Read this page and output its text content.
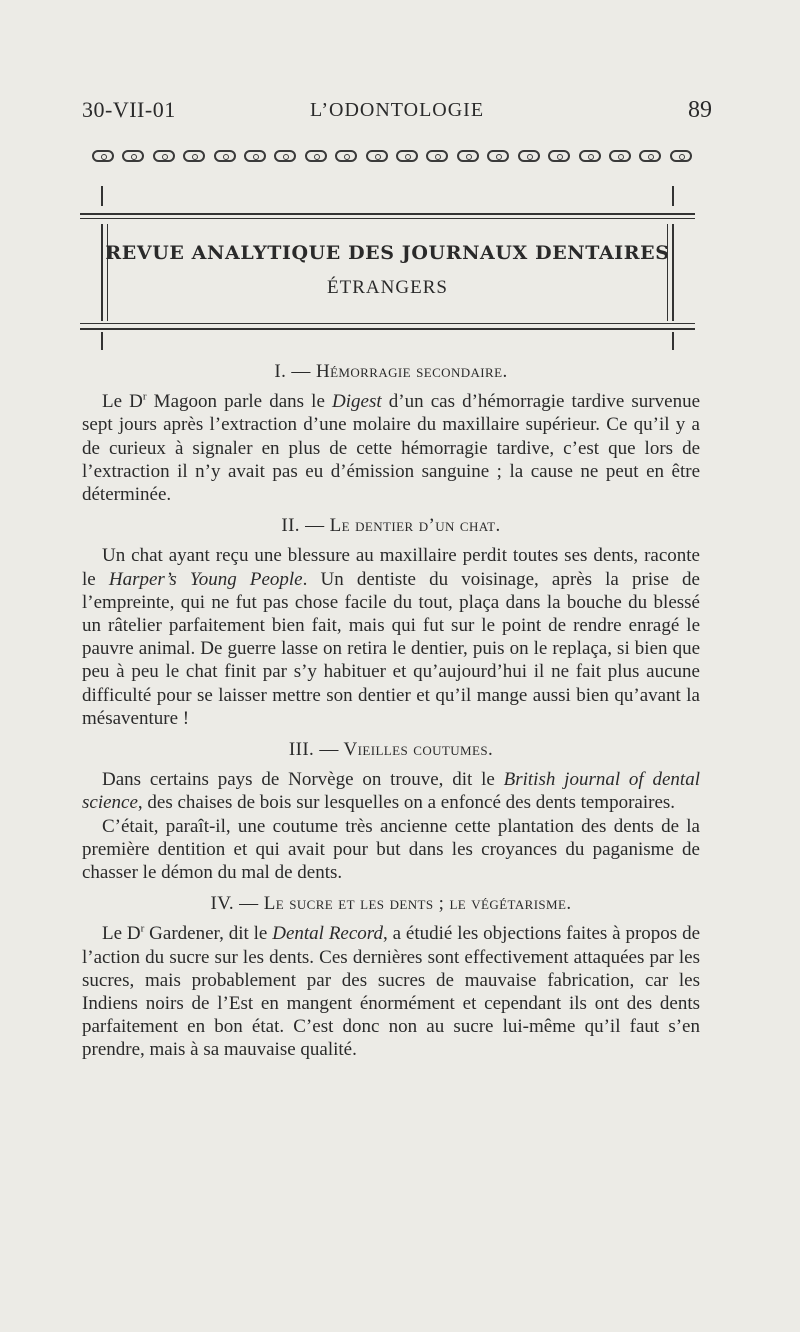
30-VII-01	L’ODONTOLOGIE	89
REVUE ANALYTIQUE DES JOURNAUX DENTAIRES
ÉTRANGERS
I. — Hémorragie secondaire.

Le $D^r$ Magoon parle dans le Digest d’un cas d’hémorragie tardive survenue sept jours après l’extraction d’une molaire du maxillaire supérieur. Ce qu’il y a de curieux à signaler en plus de cette hémorragie tardive, c’est que lors de l’extraction il n’y avait pas eu d’émission sanguine ; la cause ne peut en être déterminée.

II. — Le dentier d’un chat.

Un chat ayant reçu une blessure au maxillaire perdit toutes ses dents, raconte le Harper’s Young People. Un dentiste du voisinage, après la prise de l’empreinte, qui ne fut pas chose facile du tout, plaça dans la bouche du blessé un râtelier parfaitement bien fait, mais qui fut sur le point de rendre enragé le pauvre animal. De guerre lasse on retira le dentier, puis on le replaça, si bien que peu à peu le chat finit par s’y habituer et qu’aujourd’hui il ne fait plus aucune difficulté pour se laisser mettre son dentier et qu’il mange aussi bien qu’avant la mésaventure !

III. — Vieilles coutumes.

Dans certains pays de Norvège on trouve, dit le British journal of dental science, des chaises de bois sur lesquelles on a enfoncé des dents temporaires.

C’était, paraît-il, une coutume très ancienne cette plantation des dents de la première dentition et qui avait pour but dans les croyances du paganisme de chasser le démon du mal de dents.

IV. — Le sucre et les dents ; le végétarisme.

Le $D^r$ Gardener, dit le Dental Record, a étudié les objections faites à propos de l’action du sucre sur les dents. Ces dernières sont effectivement attaquées par les sucres, mais probablement par des sucres de mauvaise fabrication, car les Indiens noirs de l’Est en mangent énormément et cependant ils ont des dents parfaitement en bon état. C’est donc non au sucre lui-même qu’il faut s’en prendre, mais à sa mauvaise qualité.
